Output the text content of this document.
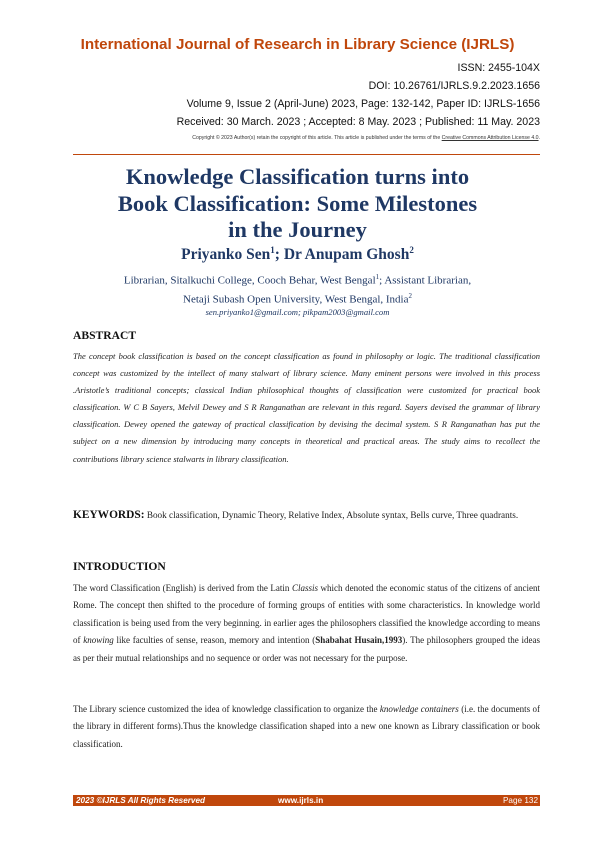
International Journal of Research in Library Science (IJRLS)
ISSN: 2455-104X
DOI: 10.26761/IJRLS.9.2.2023.1656
Volume 9, Issue 2 (April-June) 2023, Page: 132-142, Paper ID: IJRLS-1656
Received: 30 March. 2023 ; Accepted: 8 May. 2023 ; Published: 11 May. 2023
Copyright © 2023 Author(s) retain the copyright of this article. This article is published under the terms of the Creative Commons Attribution License 4.0.
Knowledge Classification turns into
Book Classification: Some Milestones
in the Journey
Priyanko Sen$^1$; Dr Anupam Ghosh$^2$
Librarian, Sitalkuchi College, Cooch Behar, West Bengal$^1$; Assistant Librarian,
Netaji Subash Open University, West Bengal, India$^2$
sen.priyanko1@gmail.com; pikpam2003@gmail.com
ABSTRACT
The concept book classification is based on the concept classification as found in philosophy or logic. The traditional classification concept was customized by the intellect of many stalwart of library science. Many eminent persons were involved in this process .Aristotle’s traditional concepts; classical Indian philosophical thoughts of classification were customized for practical book classification. W C B Sayers, Melvil Dewey and S R Ranganathan are relevant in this regard. Sayers devised the grammar of library classification. Dewey opened the gateway of practical classification by devising the decimal system. S R Ranganathan has put the subject on a new dimension by introducing many concepts in theoretical and practical areas. The study aims to recollect the contributions library science stalwarts in library classification.
KEYWORDS: Book classification, Dynamic Theory, Relative Index, Absolute syntax, Bells curve, Three quadrants.
INTRODUCTION
The word Classification (English) is derived from the Latin Classis which denoted the economic status of the citizens of ancient Rome. The concept then shifted to the procedure of forming groups of entities with some characteristics. In knowledge world classification is being used from the very beginning. in earlier ages the philosophers classified the knowledge according to means of knowing like faculties of sense, reason, memory and intention (Shabahat Husain,1993). The philosophers grouped the ideas as per their mutual relationships and no sequence or order was not necessary for the purpose.
The Library science customized the idea of knowledge classification to organize the knowledge containers (i.e. the documents of the library in different forms).Thus the knowledge classification shaped into a new one known as Library classification or book classification.
2023 ©IJRLS All Rights Reserved	www.ijrls.in	Page 132
